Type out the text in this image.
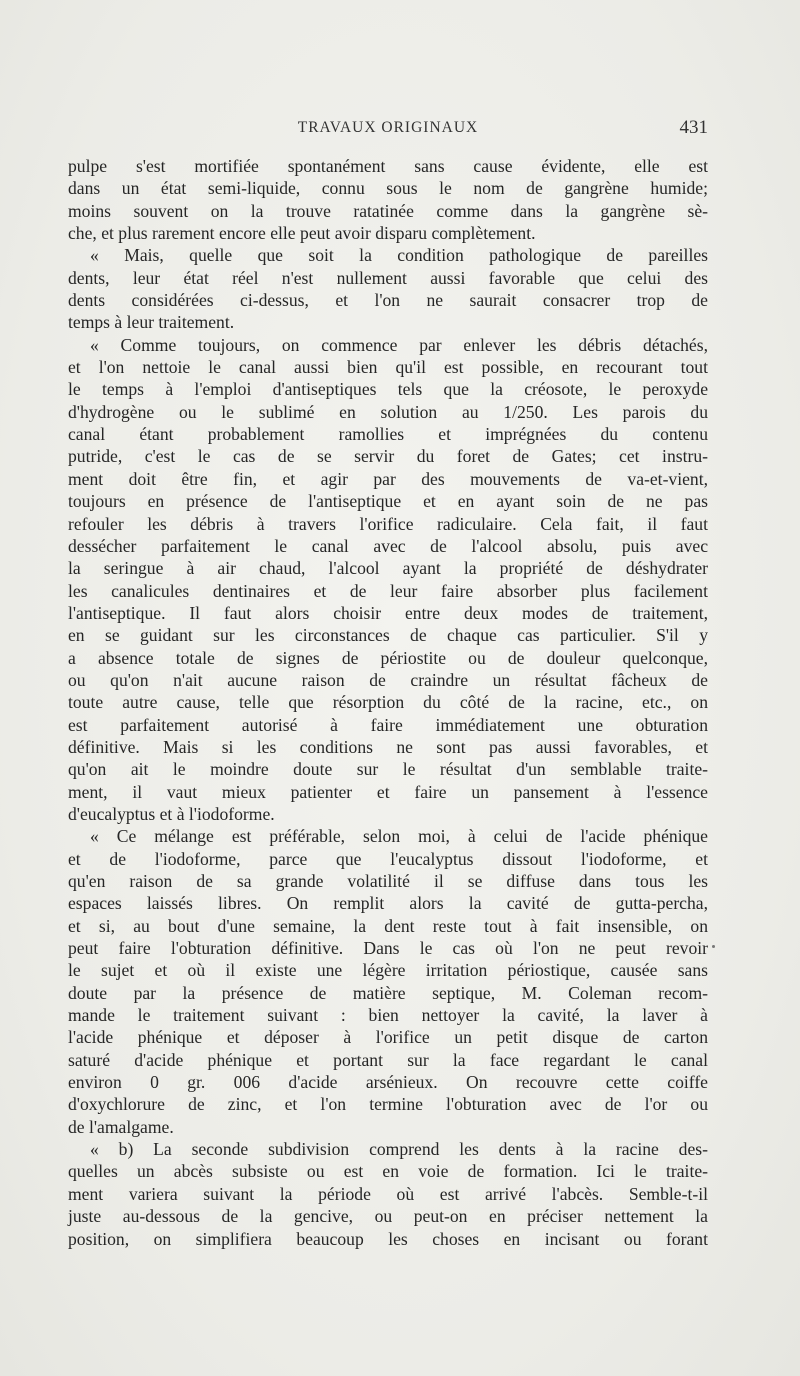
TRAVAUX ORIGINAUX	431
pulpe s'est mortifiée spontanément sans cause évidente, elle est
dans un état semi-liquide, connu sous le nom de gangrène humide;
moins souvent on la trouve ratatinée comme dans la gangrène sè-
che, et plus rarement encore elle peut avoir disparu complètement.
« Mais, quelle que soit la condition pathologique de pareilles
dents, leur état réel n'est nullement aussi favorable que celui des
dents considérées ci-dessus, et l'on ne saurait consacrer trop de
temps à leur traitement.
« Comme toujours, on commence par enlever les débris détachés,
et l'on nettoie le canal aussi bien qu'il est possible, en recourant tout
le temps à l'emploi d'antiseptiques tels que la créosote, le peroxyde
d'hydrogène ou le sublimé en solution au 1/250. Les parois du
canal étant probablement ramollies et imprégnées du contenu
putride, c'est le cas de se servir du foret de Gates; cet instru-
ment doit être fin, et agir par des mouvements de va-et-vient,
toujours en présence de l'antiseptique et en ayant soin de ne pas
refouler les débris à travers l'orifice radiculaire. Cela fait, il faut
dessécher parfaitement le canal avec de l'alcool absolu, puis avec
la seringue à air chaud, l'alcool ayant la propriété de déshydrater
les canalicules dentinaires et de leur faire absorber plus facilement
l'antiseptique. Il faut alors choisir entre deux modes de traitement,
en se guidant sur les circonstances de chaque cas particulier. S'il y
a absence totale de signes de périostite ou de douleur quelconque,
ou qu'on n'ait aucune raison de craindre un résultat fâcheux de
toute autre cause, telle que résorption du côté de la racine, etc., on
est parfaitement autorisé à faire immédiatement une obturation
définitive. Mais si les conditions ne sont pas aussi favorables, et
qu'on ait le moindre doute sur le résultat d'un semblable traite-
ment, il vaut mieux patienter et faire un pansement à l'essence
d'eucalyptus et à l'iodoforme.
« Ce mélange est préférable, selon moi, à celui de l'acide phénique
et de l'iodoforme, parce que l'eucalyptus dissout l'iodoforme, et
qu'en raison de sa grande volatilité il se diffuse dans tous les
espaces laissés libres. On remplit alors la cavité de gutta-percha,
et si, au bout d'une semaine, la dent reste tout à fait insensible, on
peut faire l'obturation définitive. Dans le cas où l'on ne peut revoir
le sujet et où il existe une légère irritation périostique, causée sans
doute par la présence de matière septique, M. Coleman recom-
mande le traitement suivant : bien nettoyer la cavité, la laver à
l'acide phénique et déposer à l'orifice un petit disque de carton
saturé d'acide phénique et portant sur la face regardant le canal
environ 0 gr. 006 d'acide arsénieux. On recouvre cette coiffe
d'oxychlorure de zinc, et l'on termine l'obturation avec de l'or ou
de l'amalgame.
« b) La seconde subdivision comprend les dents à la racine des-
quelles un abcès subsiste ou est en voie de formation. Ici le traite-
ment variera suivant la période où est arrivé l'abcès. Semble-t-il
juste au-dessous de la gencive, ou peut-on en préciser nettement la
position, on simplifiera beaucoup les choses en incisant ou forant
